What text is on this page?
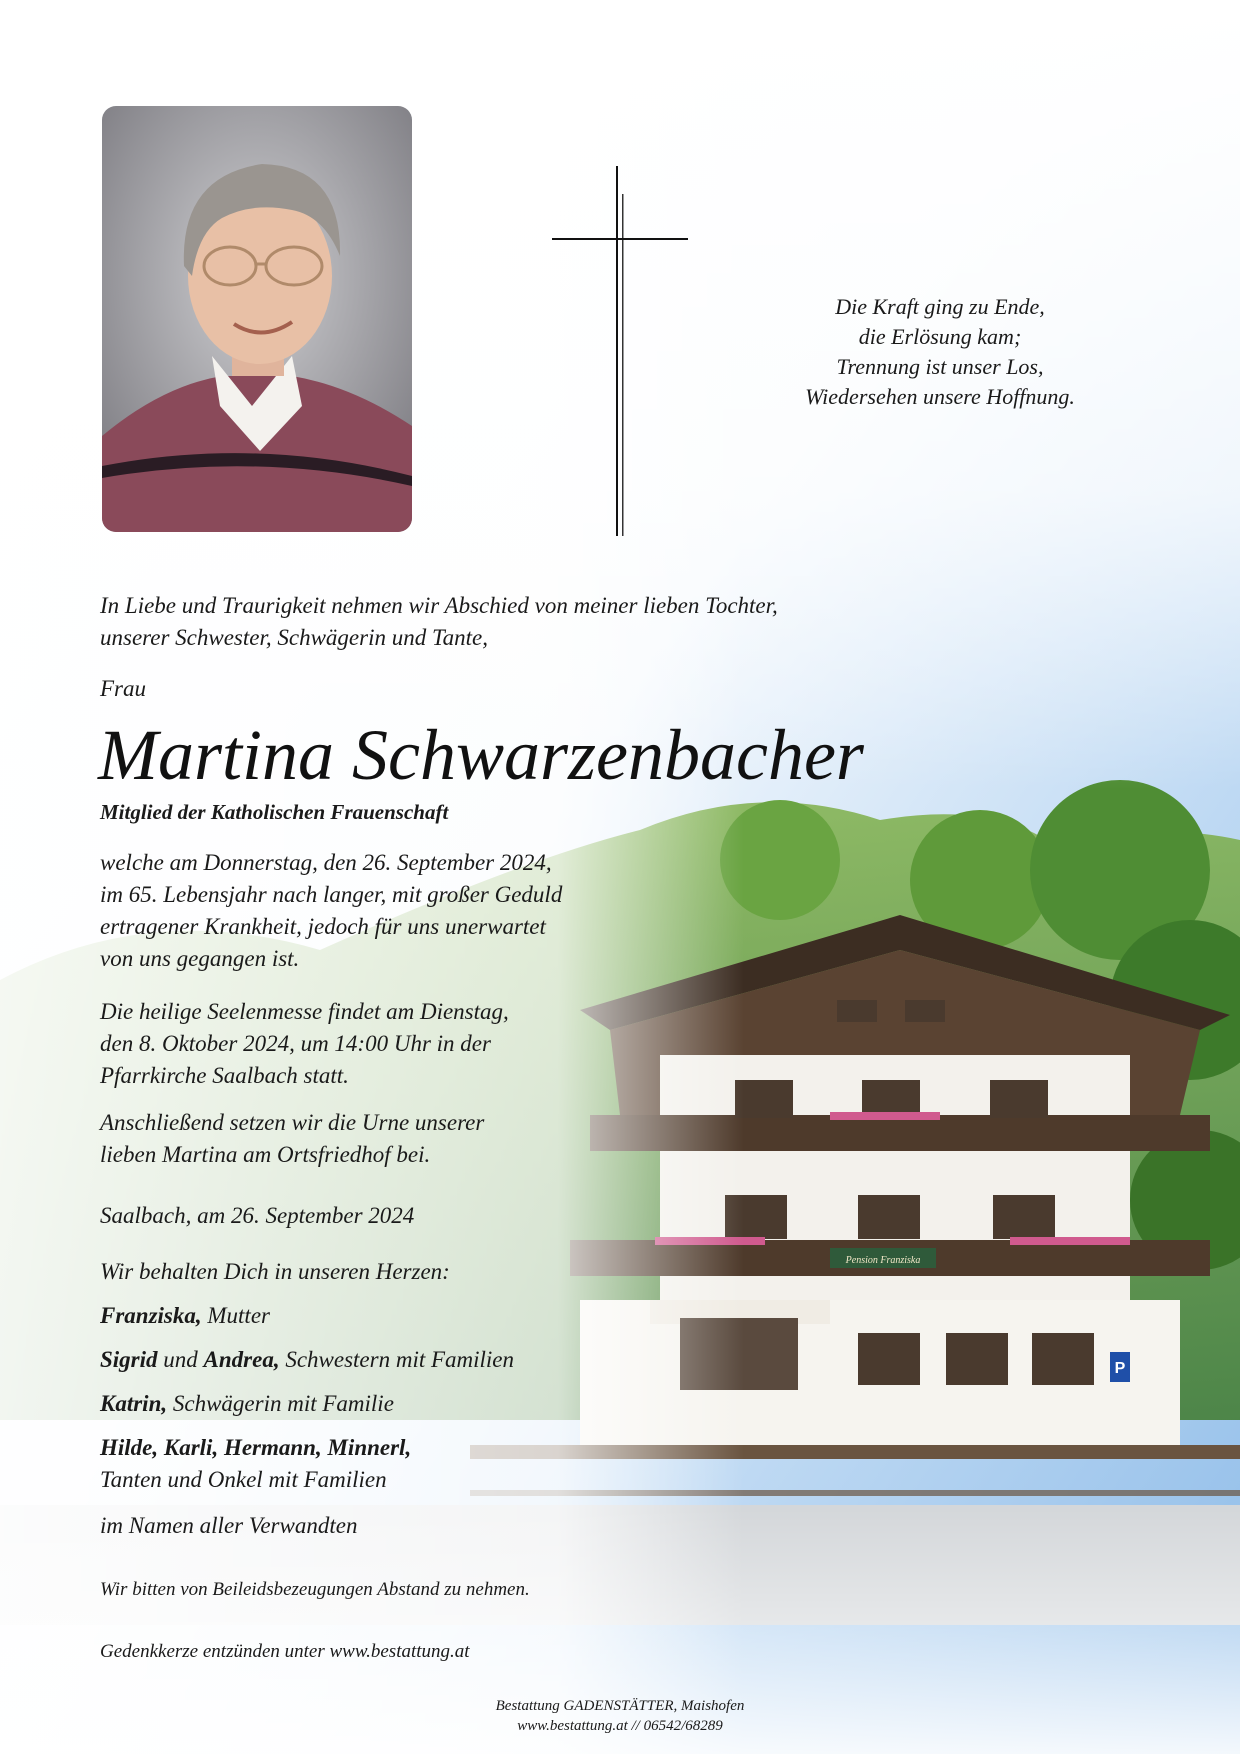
Die Kraft ging zu Ende,
die Erlösung kam;
Trennung ist unser Los,
Wiedersehen unsere Hoffnung.
In Liebe und Traurigkeit nehmen wir Abschied von meiner lieben Tochter,
unserer Schwester, Schwägerin und Tante,
Frau
Martina Schwarzenbacher
Mitglied der Katholischen Frauenschaft
welche am Donnerstag, den 26. September 2024,
im 65. Lebensjahr nach langer, mit großer Geduld
ertragener Krankheit, jedoch für uns unerwartet
von uns gegangen ist.
Die heilige Seelenmesse findet am Dienstag,
den 8. Oktober 2024, um 14:00 Uhr in der
Pfarrkirche Saalbach statt.
Anschließend setzen wir die Urne unserer
lieben Martina am Ortsfriedhof bei.
Saalbach, am 26. September 2024
Wir behalten Dich in unseren Herzen:
Franziska, Mutter
Sigrid und Andrea, Schwestern mit Familien
Katrin, Schwägerin mit Familie
Hilde, Karli, Hermann, Minnerl,
Tanten und Onkel mit Familien
im Namen aller Verwandten
Wir bitten von Beileidsbezeugungen Abstand zu nehmen.
Gedenkkerze entzünden unter www.bestattung.at
Bestattung GADENSTÄTTER, Maishofen
www.bestattung.at // 06542/68289
